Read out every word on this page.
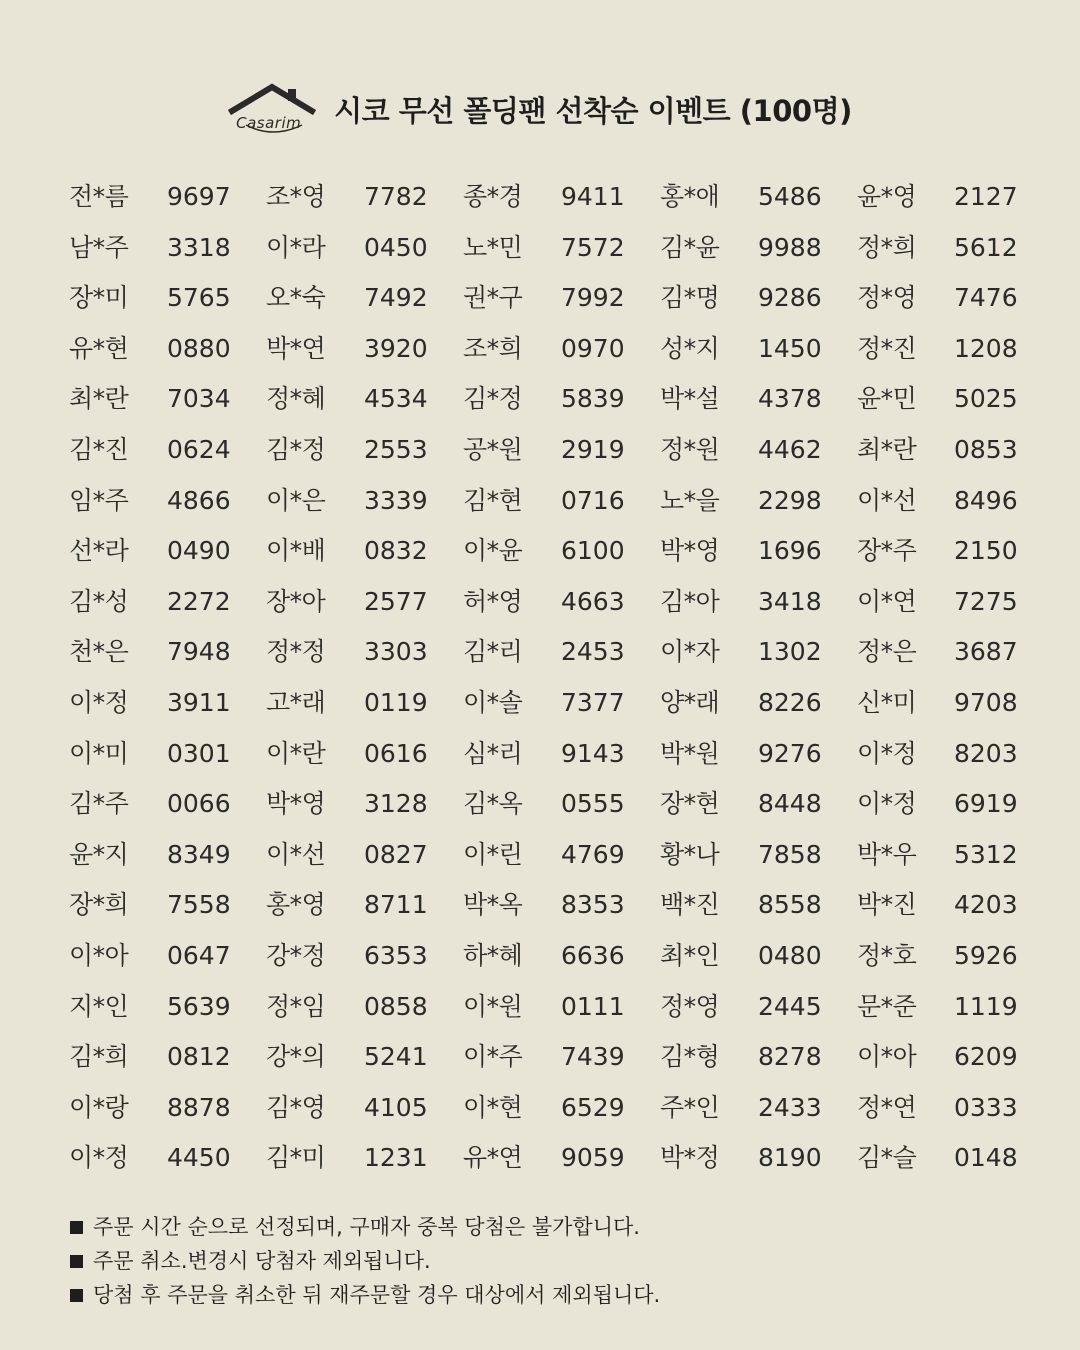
Casarim 시코 무선 폴딩팬 선착순 이벤트 (100명)
전*름 9697 조*영 7782 종*경 9411 홍*애 5486 윤*영 2127
남*주 3318 이*라 0450 노*민 7572 김*윤 9988 정*희 5612
장*미 5765 오*숙 7492 권*구 7992 김*명 9286 정*영 7476
유*현 0880 박*연 3920 조*희 0970 성*지 1450 정*진 1208
최*란 7034 정*혜 4534 김*정 5839 박*설 4378 윤*민 5025
김*진 0624 김*정 2553 공*원 2919 정*원 4462 최*란 0853
임*주 4866 이*은 3339 김*현 0716 노*을 2298 이*선 8496
선*라 0490 이*배 0832 이*윤 6100 박*영 1696 장*주 2150
김*성 2272 장*아 2577 허*영 4663 김*아 3418 이*연 7275
천*은 7948 정*정 3303 김*리 2453 이*자 1302 정*은 3687
이*정 3911 고*래 0119 이*솔 7377 양*래 8226 신*미 9708
이*미 0301 이*란 0616 심*리 9143 박*원 9276 이*정 8203
김*주 0066 박*영 3128 김*옥 0555 장*현 8448 이*정 6919
윤*지 8349 이*선 0827 이*린 4769 황*나 7858 박*우 5312
장*희 7558 홍*영 8711 박*옥 8353 백*진 8558 박*진 4203
이*아 0647 강*정 6353 하*혜 6636 최*인 0480 정*호 5926
지*인 5639 정*임 0858 이*원 0111 정*영 2445 문*준 1119
김*희 0812 강*의 5241 이*주 7439 김*형 8278 이*아 6209
이*랑 8878 김*영 4105 이*현 6529 주*인 2433 정*연 0333
이*정 4450 김*미 1231 유*연 9059 박*정 8190 김*슬 0148
주문 시간 순으로 선정되며, 구매자 중복 당첨은 불가합니다.
주문 취소.변경시 당첨자 제외됩니다.
당첨 후 주문을 취소한 뒤 재주문할 경우 대상에서 제외됩니다.
